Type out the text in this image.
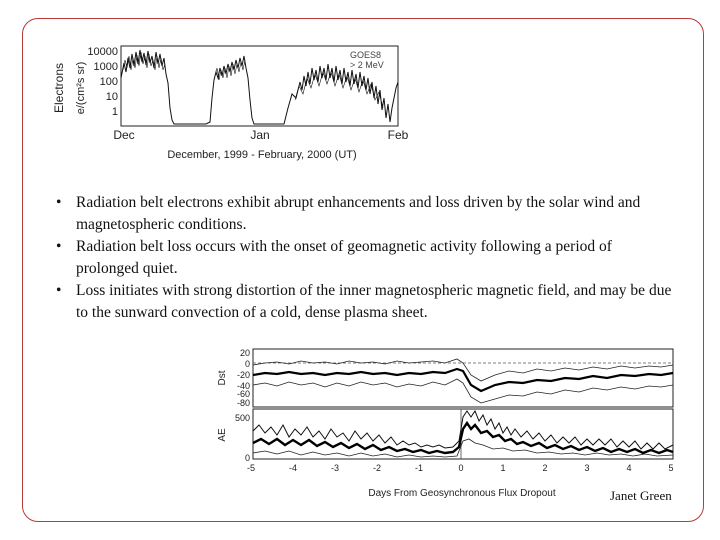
Electrons e/(cm²s sr)
10000
1000
100
10
1
Dec	Jan	Feb
GOES8
> 2 MeV
December, 1999 - February, 2000 (UT)
• Radiation belt electrons exhibit abrupt enhancements and loss driven by the solar wind and magnetospheric conditions.
• Radiation belt loss occurs with the onset of geomagnetic activity following a period of prolonged quiet.
• Loss initiates with strong distortion of the inner magnetospheric magnetic field, and may be due to the sunward convection of a cold, dense plasma sheet.
Dst
20
0
-20
-40
-60
-80
AE
500
0
-5	-4	-3	-2	-1	0	1	2	3	4	5
Days From Geosynchronous Flux Dropout	Janet Green
